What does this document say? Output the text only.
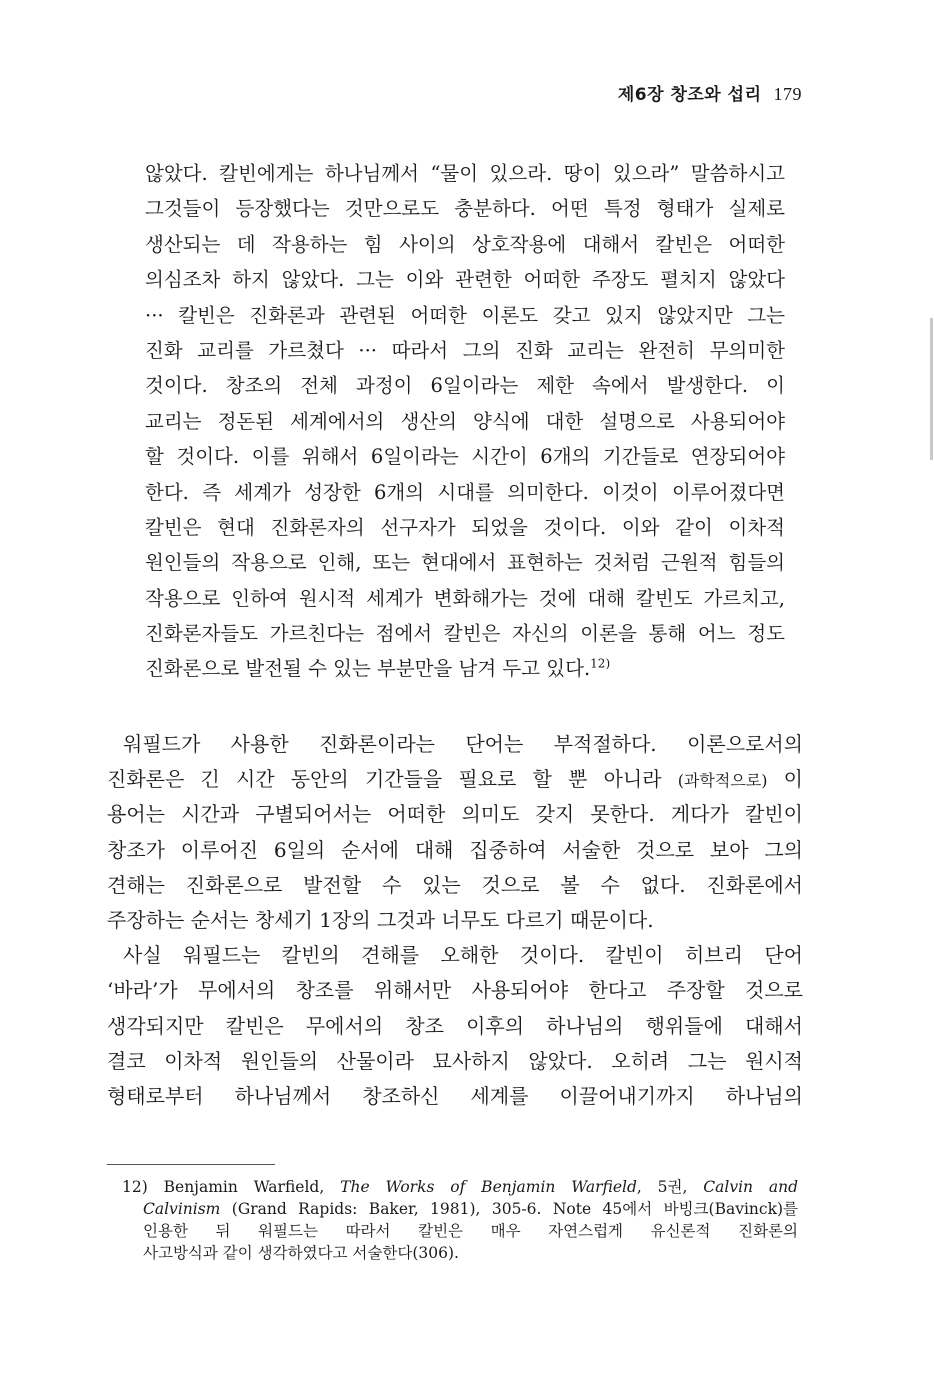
제6장 창조와 섭리 179
않았다. 칼빈에게는 하나님께서 “물이 있으라. 땅이 있으라” 말씀하시고
그것들이 등장했다는 것만으로도 충분하다. 어떤 특정 형태가 실제로
생산되는 데 작용하는 힘 사이의 상호작용에 대해서 칼빈은 어떠한
의심조차 하지 않았다. 그는 이와 관련한 어떠한 주장도 펼치지 않았다
··· 칼빈은 진화론과 관련된 어떠한 이론도 갖고 있지 않았지만 그는
진화 교리를 가르쳤다 ··· 따라서 그의 진화 교리는 완전히 무의미한
것이다. 창조의 전체 과정이 6일이라는 제한 속에서 발생한다. 이
교리는 정돈된 세계에서의 생산의 양식에 대한 설명으로 사용되어야
할 것이다. 이를 위해서 6일이라는 시간이 6개의 기간들로 연장되어야
한다. 즉 세계가 성장한 6개의 시대를 의미한다. 이것이 이루어졌다면
칼빈은 현대 진화론자의 선구자가 되었을 것이다. 이와 같이 이차적
원인들의 작용으로 인해, 또는 현대에서 표현하는 것처럼 근원적 힘들의
작용으로 인하여 원시적 세계가 변화해가는 것에 대해 칼빈도 가르치고,
진화론자들도 가르친다는 점에서 칼빈은 자신의 이론을 통해 어느 정도
진화론으로 발전될 수 있는 부분만을 남겨 두고 있다.$^{12)}$
워필드가 사용한 진화론이라는 단어는 부적절하다. 이론으로서의
진화론은 긴 시간 동안의 기간들을 필요로 할 뿐 아니라 (과학적으로) 이
용어는 시간과 구별되어서는 어떠한 의미도 갖지 못한다. 게다가 칼빈이
창조가 이루어진 6일의 순서에 대해 집중하여 서술한 것으로 보아 그의
견해는 진화론으로 발전할 수 있는 것으로 볼 수 없다. 진화론에서
주장하는 순서는 창세기 1장의 그것과 너무도 다르기 때문이다.
사실 워필드는 칼빈의 견해를 오해한 것이다. 칼빈이 히브리 단어
‘바라’가 무에서의 창조를 위해서만 사용되어야 한다고 주장할 것으로
생각되지만 칼빈은 무에서의 창조 이후의 하나님의 행위들에 대해서
결코 이차적 원인들의 산물이라 묘사하지 않았다. 오히려 그는 원시적
형태로부터 하나님께서 창조하신 세계를 이끌어내기까지 하나님의
12) Benjamin Warfield, The Works of Benjamin Warfield, 5권, Calvin and
Calvinism (Grand Rapids: Baker, 1981), 305-6. Note 45에서 바빙크(Bavinck)를
인용한 뒤 워필드는 따라서 칼빈은 매우 자연스럽게 유신론적 진화론의
사고방식과 같이 생각하였다고 서술한다(306).
